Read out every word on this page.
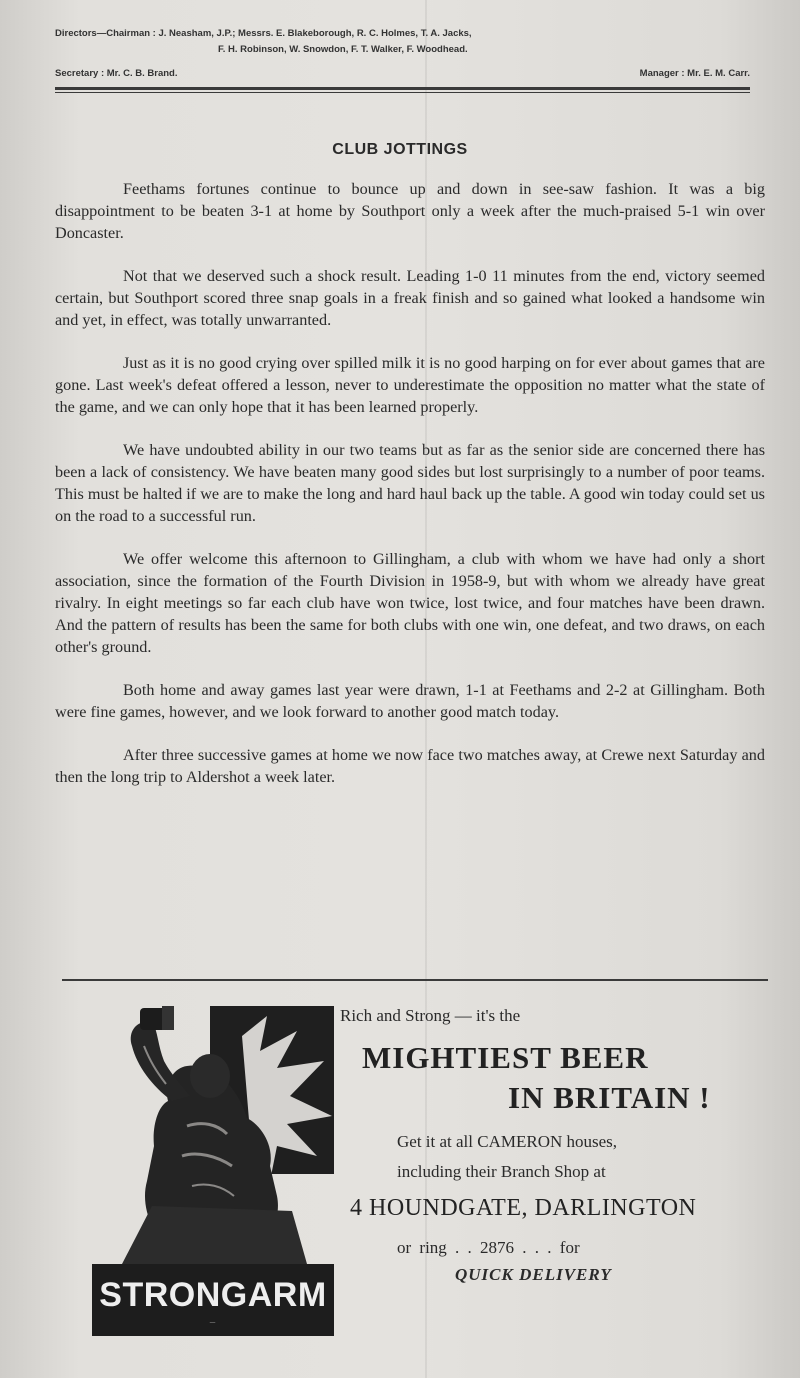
Directors—Chairman : J. Neasham, J.P.; Messrs. E. Blakeborough, R. C. Holmes, T. A. Jacks,
F. H. Robinson, W. Snowdon, F. T. Walker, F. Woodhead.
Secretary : Mr. C. B. Brand.	Manager : Mr. E. M. Carr.
CLUB JOTTINGS

Feethams fortunes continue to bounce up and down in see-saw fashion. It was a big disappointment to be beaten 3-1 at home by Southport only a week after the much-praised 5-1 win over Doncaster.

Not that we deserved such a shock result. Leading 1-0 11 minutes from the end, victory seemed certain, but Southport scored three snap goals in a freak finish and so gained what looked a handsome win and yet, in effect, was totally unwarranted.

Just as it is no good crying over spilled milk it is no good harping on for ever about games that are gone. Last week's defeat offered a lesson, never to underestimate the opposition no matter what the state of the game, and we can only hope that it has been learned properly.

We have undoubted ability in our two teams but as far as the senior side are concerned there has been a lack of consistency. We have beaten many good sides but lost surprisingly to a number of poor teams. This must be halted if we are to make the long and hard haul back up the table. A good win today could set us on the road to a successful run.

We offer welcome this afternoon to Gillingham, a club with whom we have had only a short association, since the formation of the Fourth Division in 1958-9, but with whom we already have great rivalry. In eight meetings so far each club have won twice, lost twice, and four matches have been drawn. And the pattern of results has been the same for both clubs with one win, one defeat, and two draws, on each other's ground.

Both home and away games last year were drawn, 1-1 at Feethams and 2-2 at Gillingham. Both were fine games, however, and we look forward to another good match today.

After three successive games at home we now face two matches away, at Crewe next Saturday and then the long trip to Aldershot a week later.

STRONGARM
—
Rich and Strong — it's the
MIGHTIEST BEER
IN BRITAIN !
Get it at all CAMERON houses,
including their Branch Shop at
4 HOUNDGATE, DARLINGTON
or ring . . 2876 . . . for
QUICK DELIVERY
